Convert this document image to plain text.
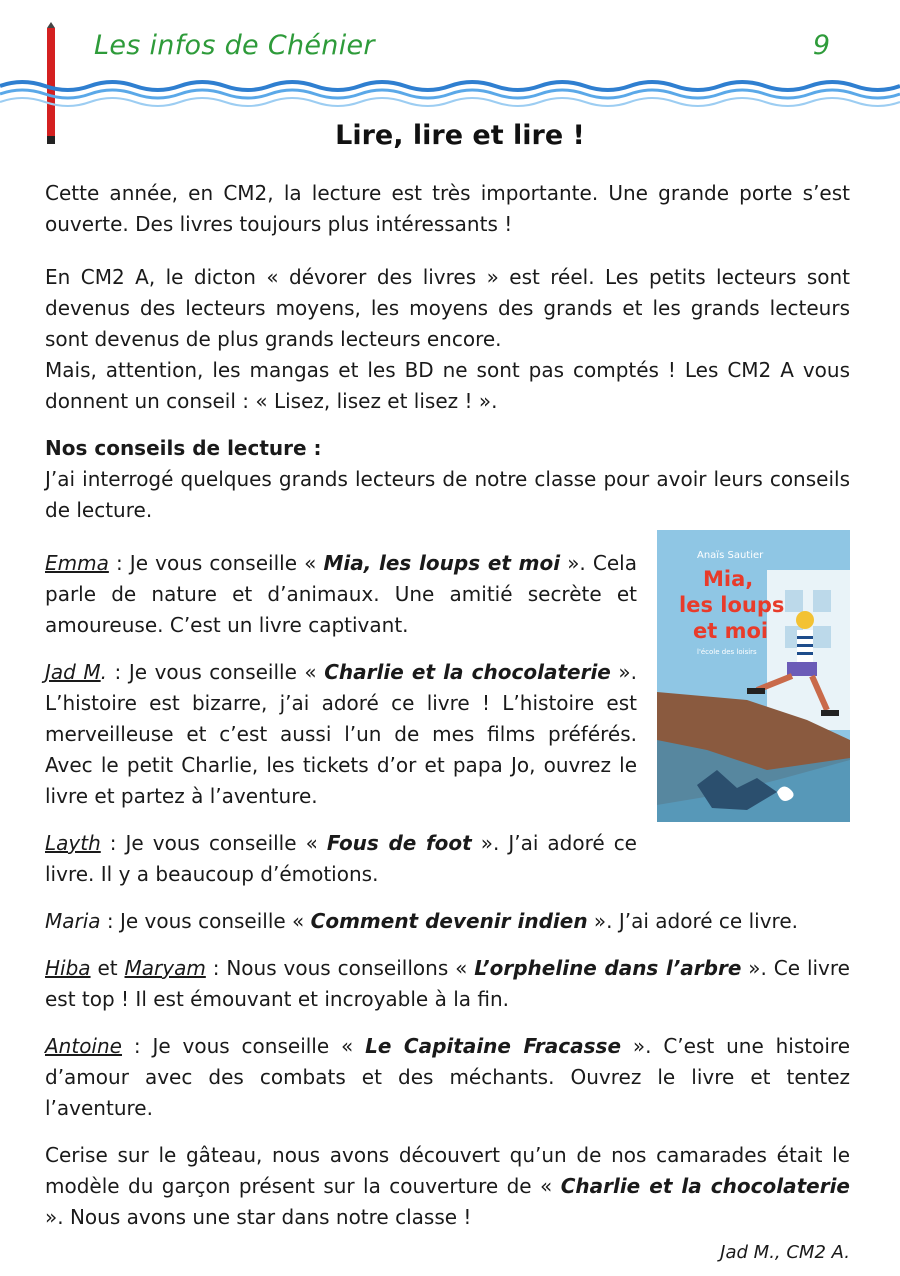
Les infos de Chénier	9
Lire, lire et lire !

Cette année, en CM2, la lecture est très importante. Une grande porte s’est ouverte. Des livres toujours plus intéressants !

En CM2 A, le dicton « dévorer des livres » est réel. Les petits lecteurs sont devenus des lecteurs moyens, les moyens des grands et les grands lecteurs sont devenus de plus grands lecteurs encore.

Mais, attention, les mangas et les BD ne sont pas comptés ! Les CM2 A vous donnent un conseil : « Lisez, lisez et lisez ! ».

Nos conseils de lecture :

J’ai interrogé quelques grands lecteurs de notre classe pour avoir leurs conseils de lecture.

Anaïs Sautier
Mia,
les loups
et moi
l'école des loisirs

Emma : Je vous conseille « Mia, les loups et moi ». Cela parle de nature et d’animaux. Une amitié secrète et amoureuse. C’est un livre captivant.

Jad M. : Je vous conseille « Charlie et la chocolaterie ». L’histoire est bizarre, j’ai adoré ce livre ! L’histoire est merveilleuse et c’est aussi l’un de mes films préférés. Avec le petit Charlie, les tickets d’or et papa Jo, ouvrez le livre et partez à l’aventure.

Layth : Je vous conseille « Fous de foot ». J’ai adoré ce livre. Il y a beaucoup d’émotions.

Maria : Je vous conseille « Comment devenir indien ». J’ai adoré ce livre.

Hiba et Maryam : Nous vous conseillons « L’orpheline dans l’arbre ». Ce livre est top ! Il est émouvant et incroyable à la fin.

Antoine : Je vous conseille « Le Capitaine Fracasse ». C’est une histoire d’amour avec des combats et des méchants. Ouvrez le livre et tentez l’aventure.

Cerise sur le gâteau, nous avons découvert qu’un de nos camarades était le modèle du garçon présent sur la couverture de « Charlie et la chocolaterie ». Nous avons une star dans notre classe !

Jad M., CM2 A.
